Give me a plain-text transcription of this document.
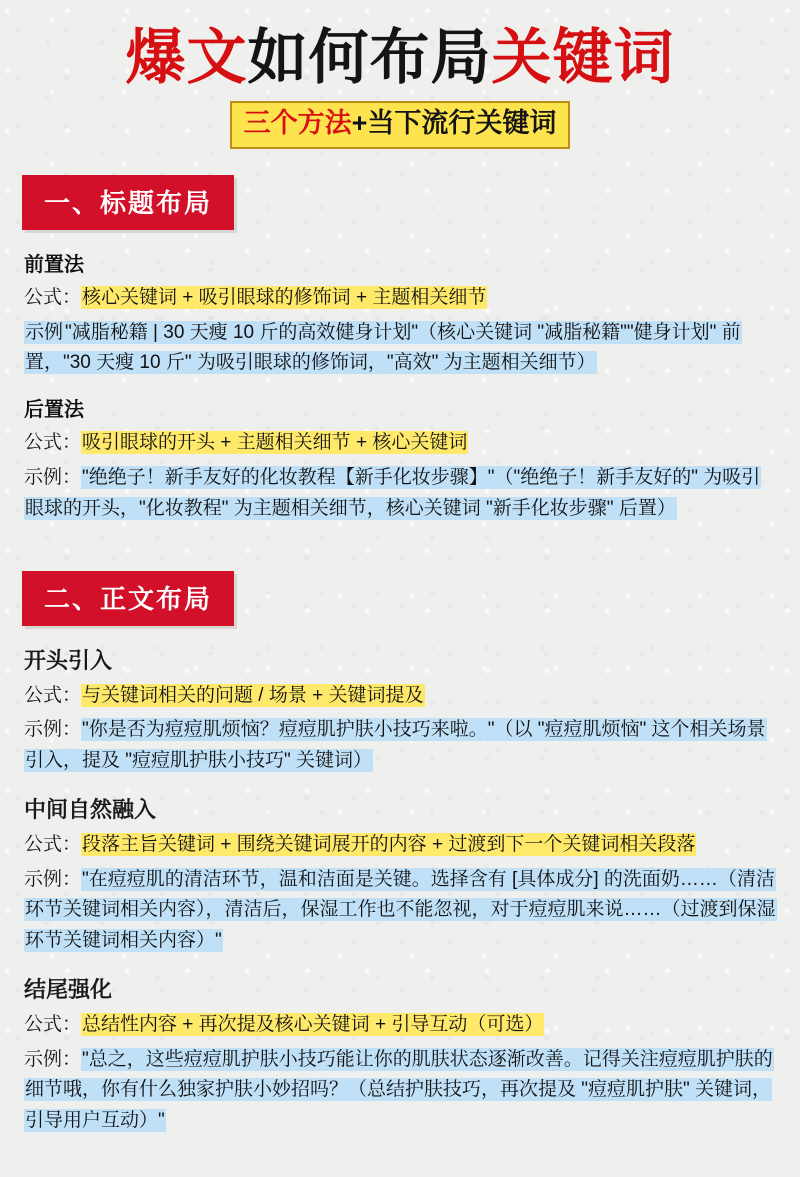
爆文如何布局关键词
三个方法+当下流行关键词
一、标题布局
前置法
公式：核心关键词 + 吸引眼球的修饰词 + 主题相关细节
示例 "减脂秘籍 | 30 天瘦 10 斤的高效健身计划"（核心关键词 "减脂秘籍""健身计划" 前置，"30 天瘦 10 斤" 为吸引眼球的修饰词，"高效" 为主题相关细节）
后置法
公式：吸引眼球的开头 + 主题相关细节 + 核心关键词
示例："绝绝子！新手友好的化妆教程【新手化妆步骤】"（"绝绝子！新手友好的" 为吸引眼球的开头，"化妆教程" 为主题相关细节，核心关键词 "新手化妆步骤" 后置）
二、正文布局
开头引入
公式：与关键词相关的问题 / 场景 + 关键词提及
示例："你是否为痘痘肌烦恼？痘痘肌护肤小技巧来啦。"（以 "痘痘肌烦恼" 这个相关场景引入，提及 "痘痘肌护肤小技巧" 关键词）
中间自然融入
公式：段落主旨关键词 + 围绕关键词展开的内容 + 过渡到下一个关键词相关段落
示例："在痘痘肌的清洁环节，温和洁面是关键。选择含有 [具体成分] 的洗面奶……（清洁环节关键词相关内容），清洁后，保湿工作也不能忽视，对于痘痘肌来说……（过渡到保湿环节关键词相关内容）"
结尾强化
公式：总结性内容 + 再次提及核心关键词 + 引导互动（可选）
示例："总之，这些痘痘肌护肤小技巧能让你的肌肤状态逐渐改善。记得关注痘痘肌护肤的细节哦，你有什么独家护肤小妙招吗？（总结护肤技巧，再次提及 "痘痘肌护肤" 关键词，引导用户互动）"
